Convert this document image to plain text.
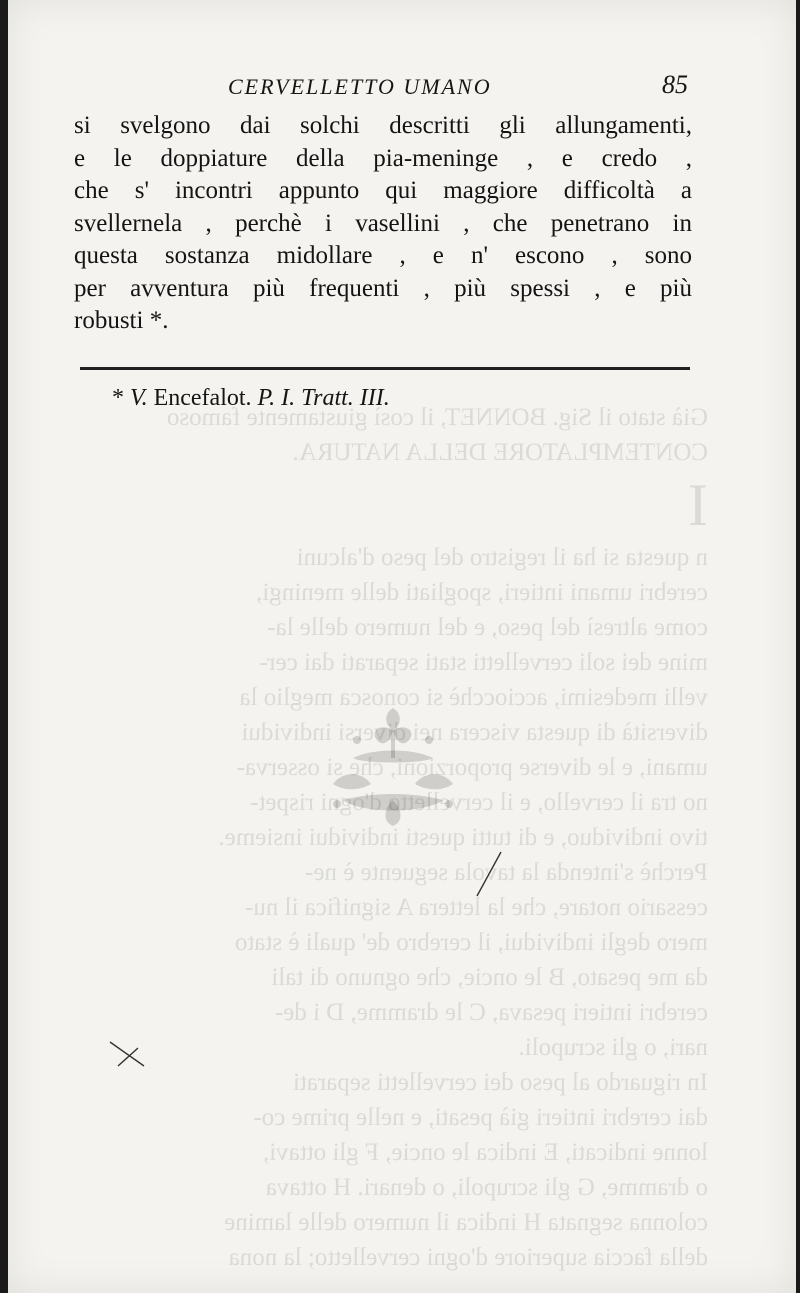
Già stato il Sig. BONNET, il così giustamente famoso
CONTEMPLATORE DELLA NATURA.
I
n questa si ha il registro del peso d'alcuni
cerebri umani intieri, spogliati delle meningi,
come altresì del peso, e del numero delle la-
mine dei soli cervelletti stati separati dai cer-
velli medesimi, acciocchè si conosca meglio la
diversità di questa viscera nei diversi individui
umani, e le diverse proporzioni, che si osserva-
no tra il cervello, e il cervelletto d'ogni rispet-
tivo individuo, e di tutti questi individui insieme.
Perchè s'intenda la tavola seguente è ne-
cessario notare, che la lettera A significa il nu-
mero degli individui, il cerebro de' quali è stato
da me pesato, B le oncie, che ognuno di tali
cerebri intieri pesava, C le dramme, D i de-
nari, o gli scrupoli.
In riguardo al peso dei cervelletti separati
dai cerebri intieri già pesati, e nelle prime co-
lonne indicati, E indica le oncie, F gli ottavi,
o dramme, G gli scrupoli, o denari. H ottava
colonna segnata H indica il numero delle lamine
della faccia superiore d'ogni cervelletto; la nona
CERVELLETTO UMANO	85
si svelgono dai solchi descritti gli allungamenti,
e le doppiature della pia-meninge , e credo ,
che s' incontri appunto qui maggiore difficoltà a
svellernela , perchè i vasellini , che penetrano in
questa sostanza midollare , e n' escono , sono
per avventura più frequenti , più spessi , e più
robusti *.
* V. Encefalot. P. I. Tratt. III.
